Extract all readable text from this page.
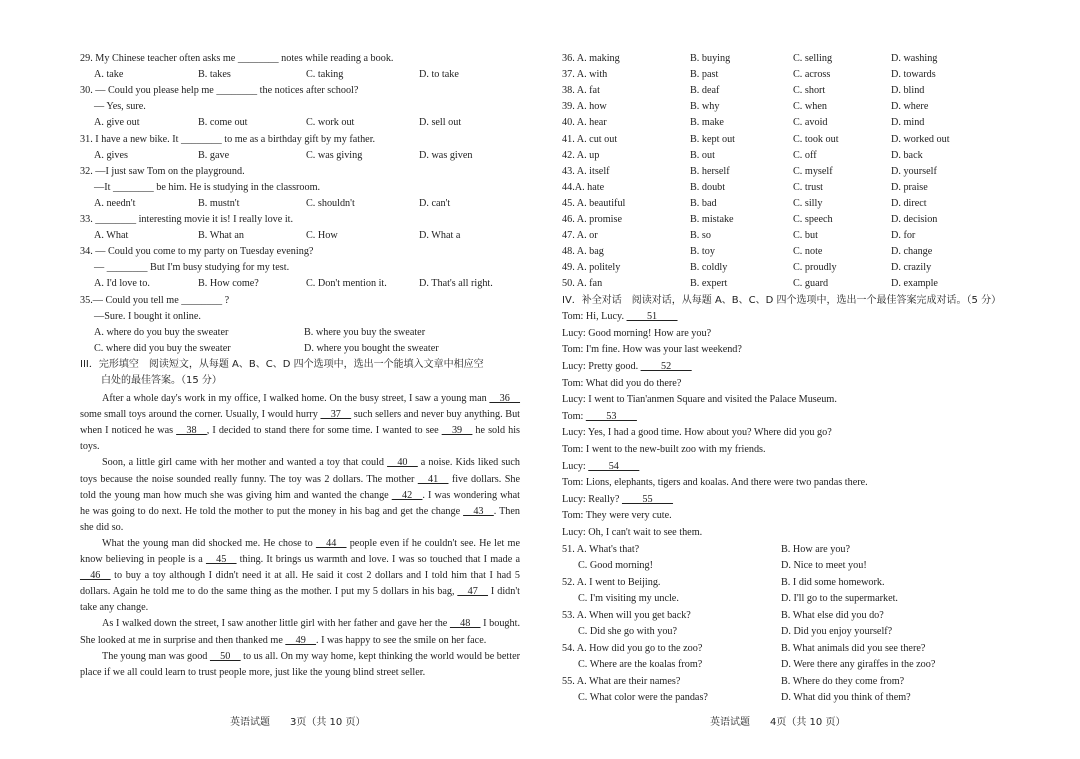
29. My Chinese teacher often asks me ________ notes while reading a book.
A. take	B. takes	C. taking	D. to take
30. — Could you please help me ________ the notices after school?
— Yes, sure.
A. give out	B. come out	C. work out	D. sell out
31. I have a new bike. It ________ to me as a birthday gift by my father.
A. gives	B. gave	C. was giving	D. was given
32. —I just saw Tom on the playground.
—It ________ be him. He is studying in the classroom.
A. needn't	B. mustn't	C. shouldn't	D. can't
33. ________ interesting movie it is! I really love it.
A. What	B. What an	C. How	D. What a
34. — Could you come to my party on Tuesday evening?
— ________ But I'm busy studying for my test.
A. I'd love to.	B. How come?	C. Don't mention it.	D. That's all right.
35.— Could you tell me ________ ?
—Sure. I bought it online.
A. where do you buy the sweater	B. where you buy the sweater
C. where did you buy the sweater	D. where you bought the sweater
III．完形填空　阅读短文，从每题 A、B、C、D 四个选项中，选出一个能填入文章中相应空
白处的最佳答案。（15 分）
After a whole day's work in my office, I walked home. On the busy street, I saw a young man __36__ some small toys around the corner. Usually, I would hurry __37__ such sellers and never buy anything. But when I noticed he was __38__, I decided to stand there for some time. I wanted to see __39__ he sold his toys.
Soon, a little girl came with her mother and wanted a toy that could __40__ a noise. Kids liked such toys because the noise sounded really funny. The toy was 2 dollars. The mother __41__ five dollars. She told the young man how much she was giving him and wanted the change __42__. I was wondering what he was going to do next. He told the mother to put the money in his bag and get the change __43__. Then she did so.
What the young man did shocked me. He chose to __44__ people even if he couldn't see. He let me know believing in people is a __45__ thing. It brings us warmth and love. I was so touched that I made a __46__ to buy a toy although I didn't need it at all. He said it cost 2 dollars and I told him that I had 5 dollars. Again he told me to do the same thing as the mother. I put my 5 dollars in his bag, __47__ I didn't take any change.
As I walked down the street, I saw another little girl with her father and gave her the __48__ I bought. She looked at me in surprise and then thanked me __49__. I was happy to see the smile on her face.
The young man was good __50__ to us all. On my way home, kept thinking the world would be better place if we all could learn to trust people more, just like the young blind street seller.
英语试题　　3页（共 10 页）
36. A. making	B. buying	C. selling	D. washing
37. A. with	B. past	C. across	D. towards
38. A. fat	B. deaf	C. short	D. blind
39. A. how	B. why	C. when	D. where
40. A. hear	B. make	C. avoid	D. mind
41. A. cut out	B. kept out	C. took out	D. worked out
42. A. up	B. out	C. off	D. back
43. A. itself	B. herself	C. myself	D. yourself
44.A. hate	B. doubt	C. trust	D. praise
45. A. beautiful	B. bad	C. silly	D. direct
46. A. promise	B. mistake	C. speech	D. decision
47. A. or	B. so	C. but	D. for
48. A. bag	B. toy	C. note	D. change
49. A. politely	B. coldly	C. proudly	D. crazily
50. A. fan	B. expert	C. guard	D. example
IV．补全对话　阅读对话，从每题 A、B、C、D 四个选项中，选出一个最佳答案完成对话。（5 分）
Tom: Hi, Lucy. ____51____
Lucy: Good morning! How are you?
Tom: I'm fine. How was your last weekend?
Lucy: Pretty good. ____52____
Tom: What did you do there?
Lucy: I went to Tian'anmen Square and visited the Palace Museum.
Tom: ____53____
Lucy: Yes, I had a good time. How about you? Where did you go?
Tom: I went to the new-built zoo with my friends.
Lucy: ____54____
Tom: Lions, elephants, tigers and koalas. And there were two pandas there.
Lucy: Really? ____55____
Tom: They were very cute.
Lucy: Oh, I can't wait to see them.
51. A. What's that?	B. How are you?
C. Good morning!	D. Nice to meet you!
52. A. I went to Beijing.	B. I did some homework.
C. I'm visiting my uncle.	D. I'll go to the supermarket.
53. A. When will you get back?	B. What else did you do?
C. Did she go with you?	D. Did you enjoy yourself?
54. A. How did you go to the zoo?	B. What animals did you see there?
C. Where are the koalas from?	D. Were there any giraffes in the zoo?
55. A. What are their names?	B. Where do they come from?
C. What color were the pandas?	D. What did you think of them?
英语试题　　4页（共 10 页）
